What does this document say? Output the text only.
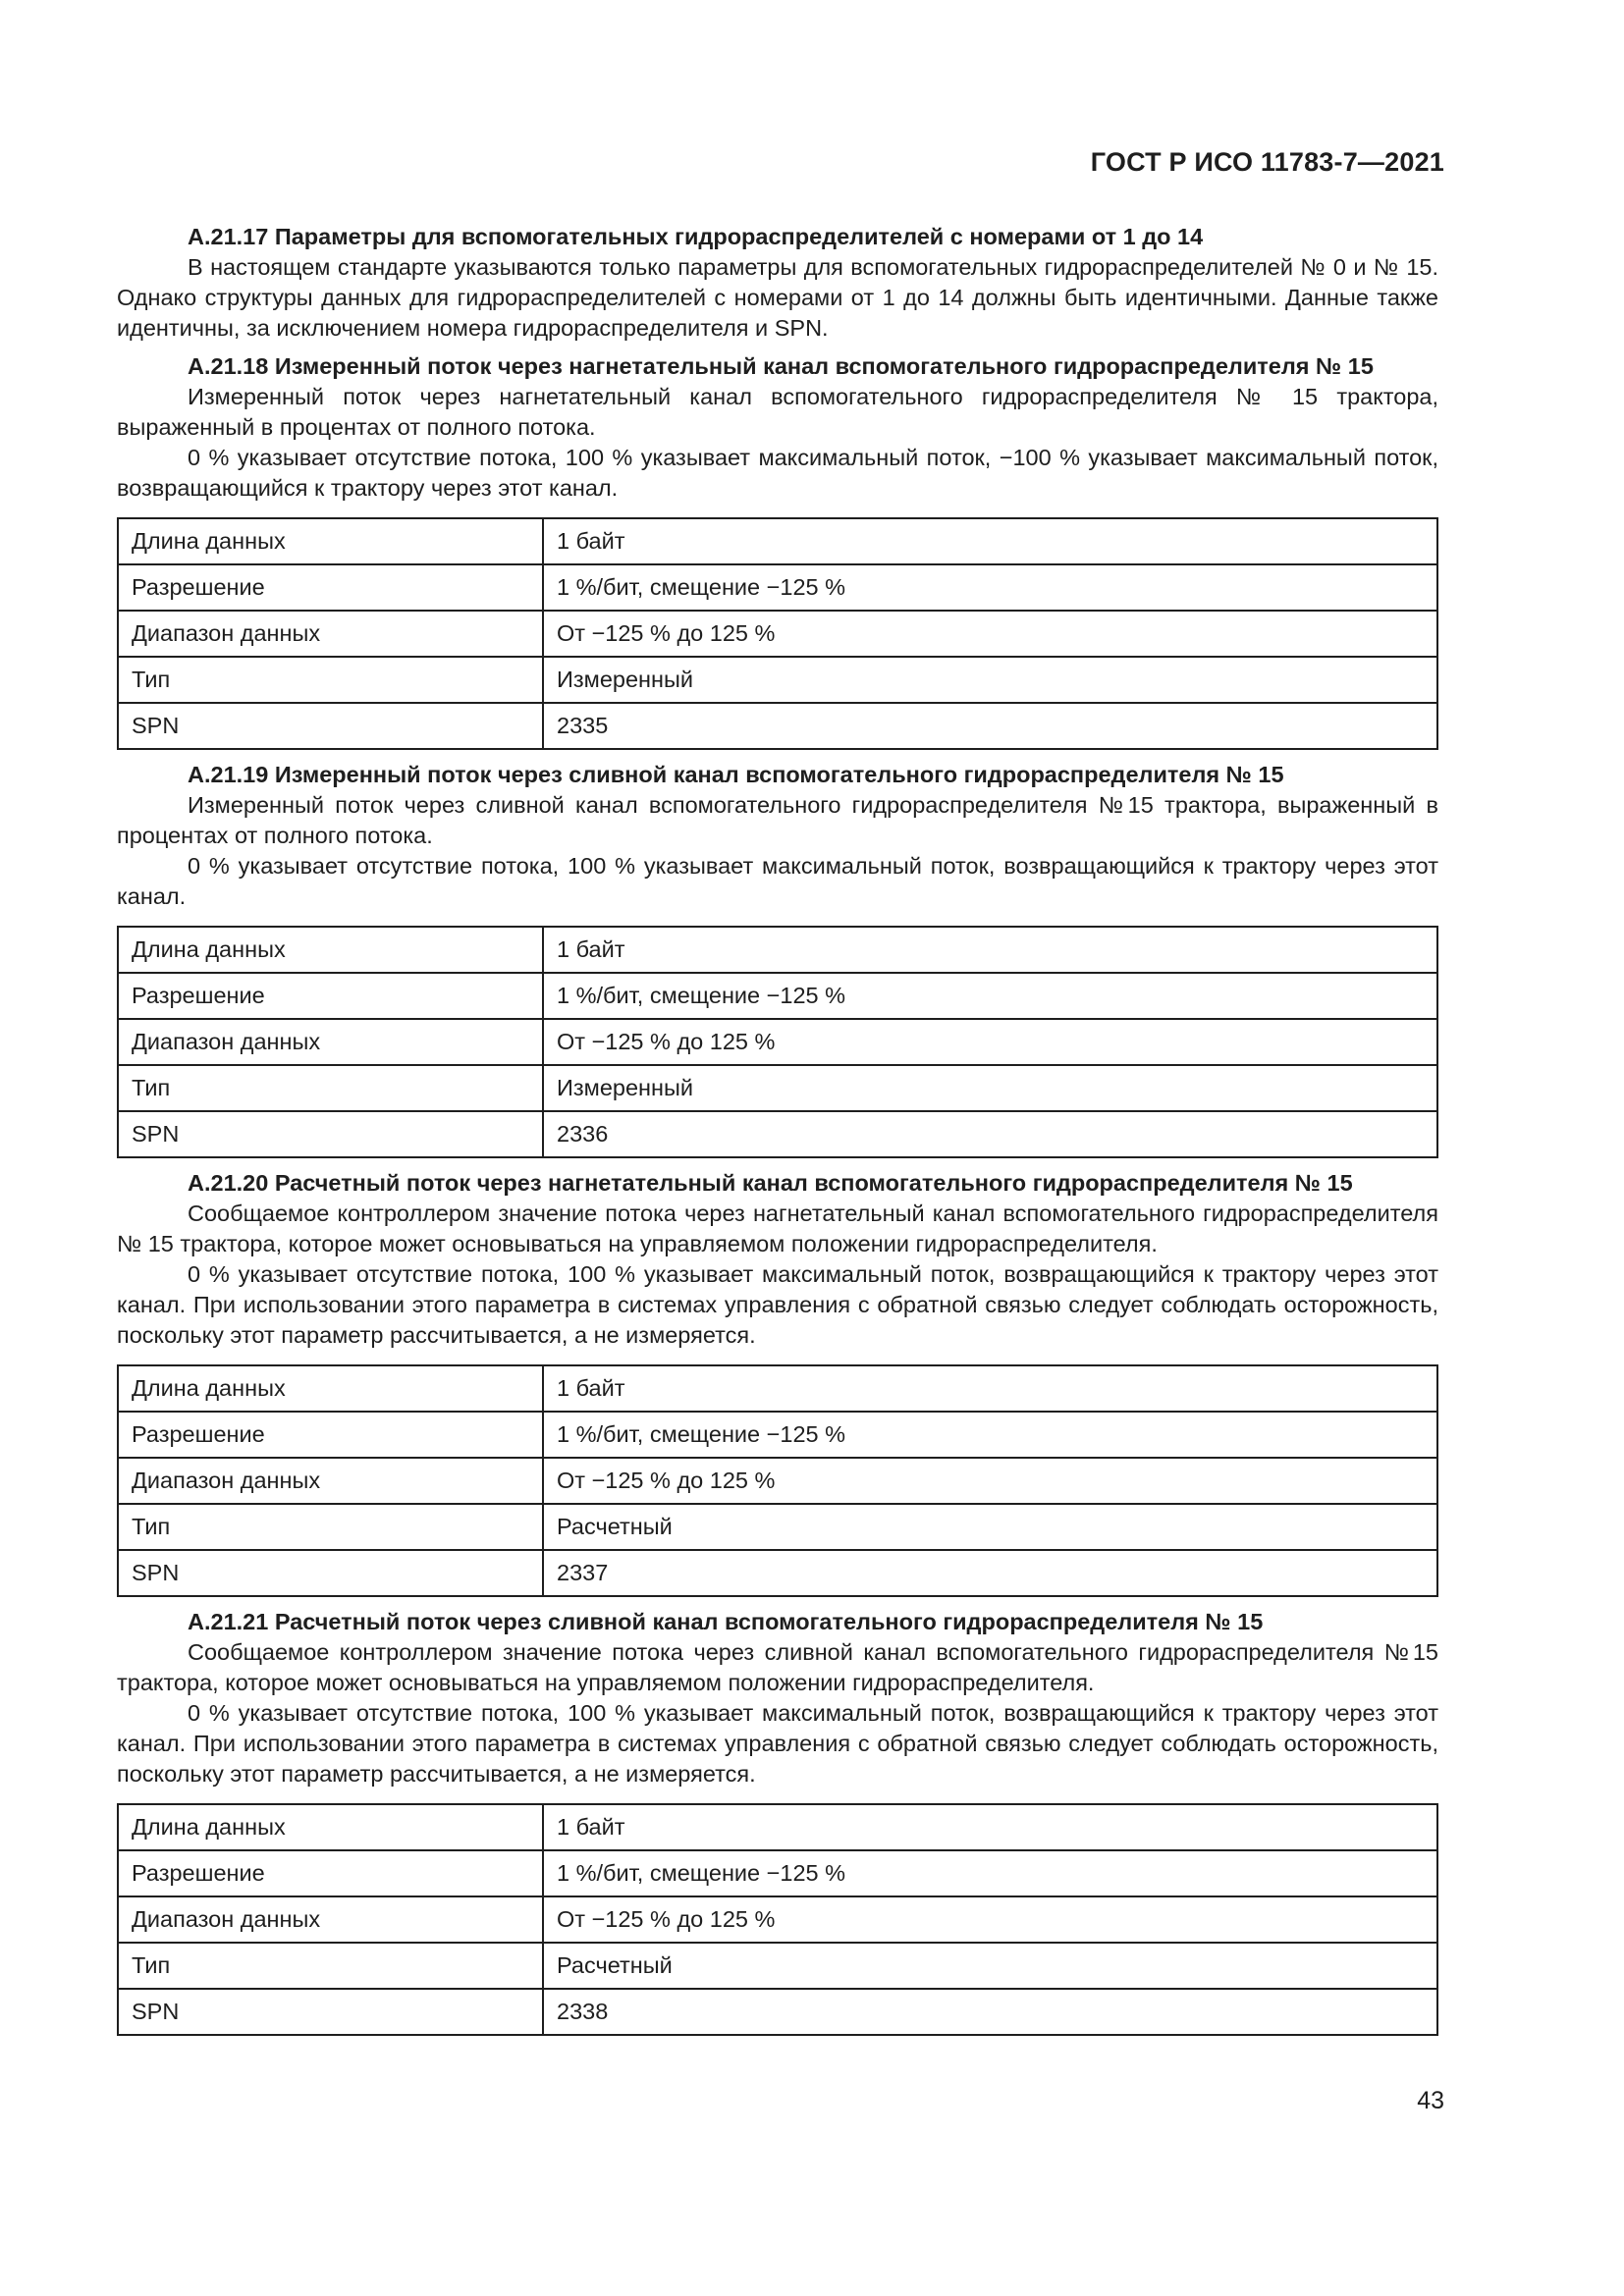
ГОСТ Р ИСО 11783-7—2021

А.21.17 Параметры для вспомогательных гидрораспределителей с номерами от 1 до 14

В настоящем стандарте указываются только параметры для вспомогательных гидрораспределителей № 0 и № 15. Однако структуры данных для гидрораспределителей с номерами от 1 до 14 должны быть идентичными. Данные также идентичны, за исключением номера гидрораспределителя и SPN.

А.21.18 Измеренный поток через нагнетательный канал вспомогательного гидрораспределителя № 15

Измеренный поток через нагнетательный канал вспомогательного гидрораспределителя № 15 трактора, выраженный в процентах от полного потока.

0 % указывает отсутствие потока, 100 % указывает максимальный поток, −100 % указывает максимальный поток, возвращающийся к трактору через этот канал.

Длина данных	1 байт
Разрешение	1 %/бит, смещение −125 %
Диапазон данных	От −125 % до 125 %
Тип	Измеренный
SPN	2335

А.21.19 Измеренный поток через сливной канал вспомогательного гидрораспределителя № 15

Измеренный поток через сливной канал вспомогательного гидрораспределителя №15 трактора, выраженный в процентах от полного потока.

0 % указывает отсутствие потока, 100 % указывает максимальный поток, возвращающийся к трактору через этот канал.

Длина данных	1 байт
Разрешение	1 %/бит, смещение −125 %
Диапазон данных	От −125 % до 125 %
Тип	Измеренный
SPN	2336

А.21.20 Расчетный поток через нагнетательный канал вспомогательного гидрораспределителя № 15

Сообщаемое контроллером значение потока через нагнетательный канал вспомогательного гидрораспределителя № 15 трактора, которое может основываться на управляемом положении гидрораспределителя.

0 % указывает отсутствие потока, 100 % указывает максимальный поток, возвращающийся к трактору через этот канал. При использовании этого параметра в системах управления с обратной связью следует соблюдать осторожность, поскольку этот параметр рассчитывается, а не измеряется.

Длина данных	1 байт
Разрешение	1 %/бит, смещение −125 %
Диапазон данных	От −125 % до 125 %
Тип	Расчетный
SPN	2337

А.21.21 Расчетный поток через сливной канал вспомогательного гидрораспределителя № 15

Сообщаемое контроллером значение потока через сливной канал вспомогательного гидрораспределителя №15 трактора, которое может основываться на управляемом положении гидрораспределителя.

0 % указывает отсутствие потока, 100 % указывает максимальный поток, возвращающийся к трактору через этот канал. При использовании этого параметра в системах управления с обратной связью следует соблюдать осторожность, поскольку этот параметр рассчитывается, а не измеряется.

Длина данных	1 байт
Разрешение	1 %/бит, смещение −125 %
Диапазон данных	От −125 % до 125 %
Тип	Расчетный
SPN	2338
43
